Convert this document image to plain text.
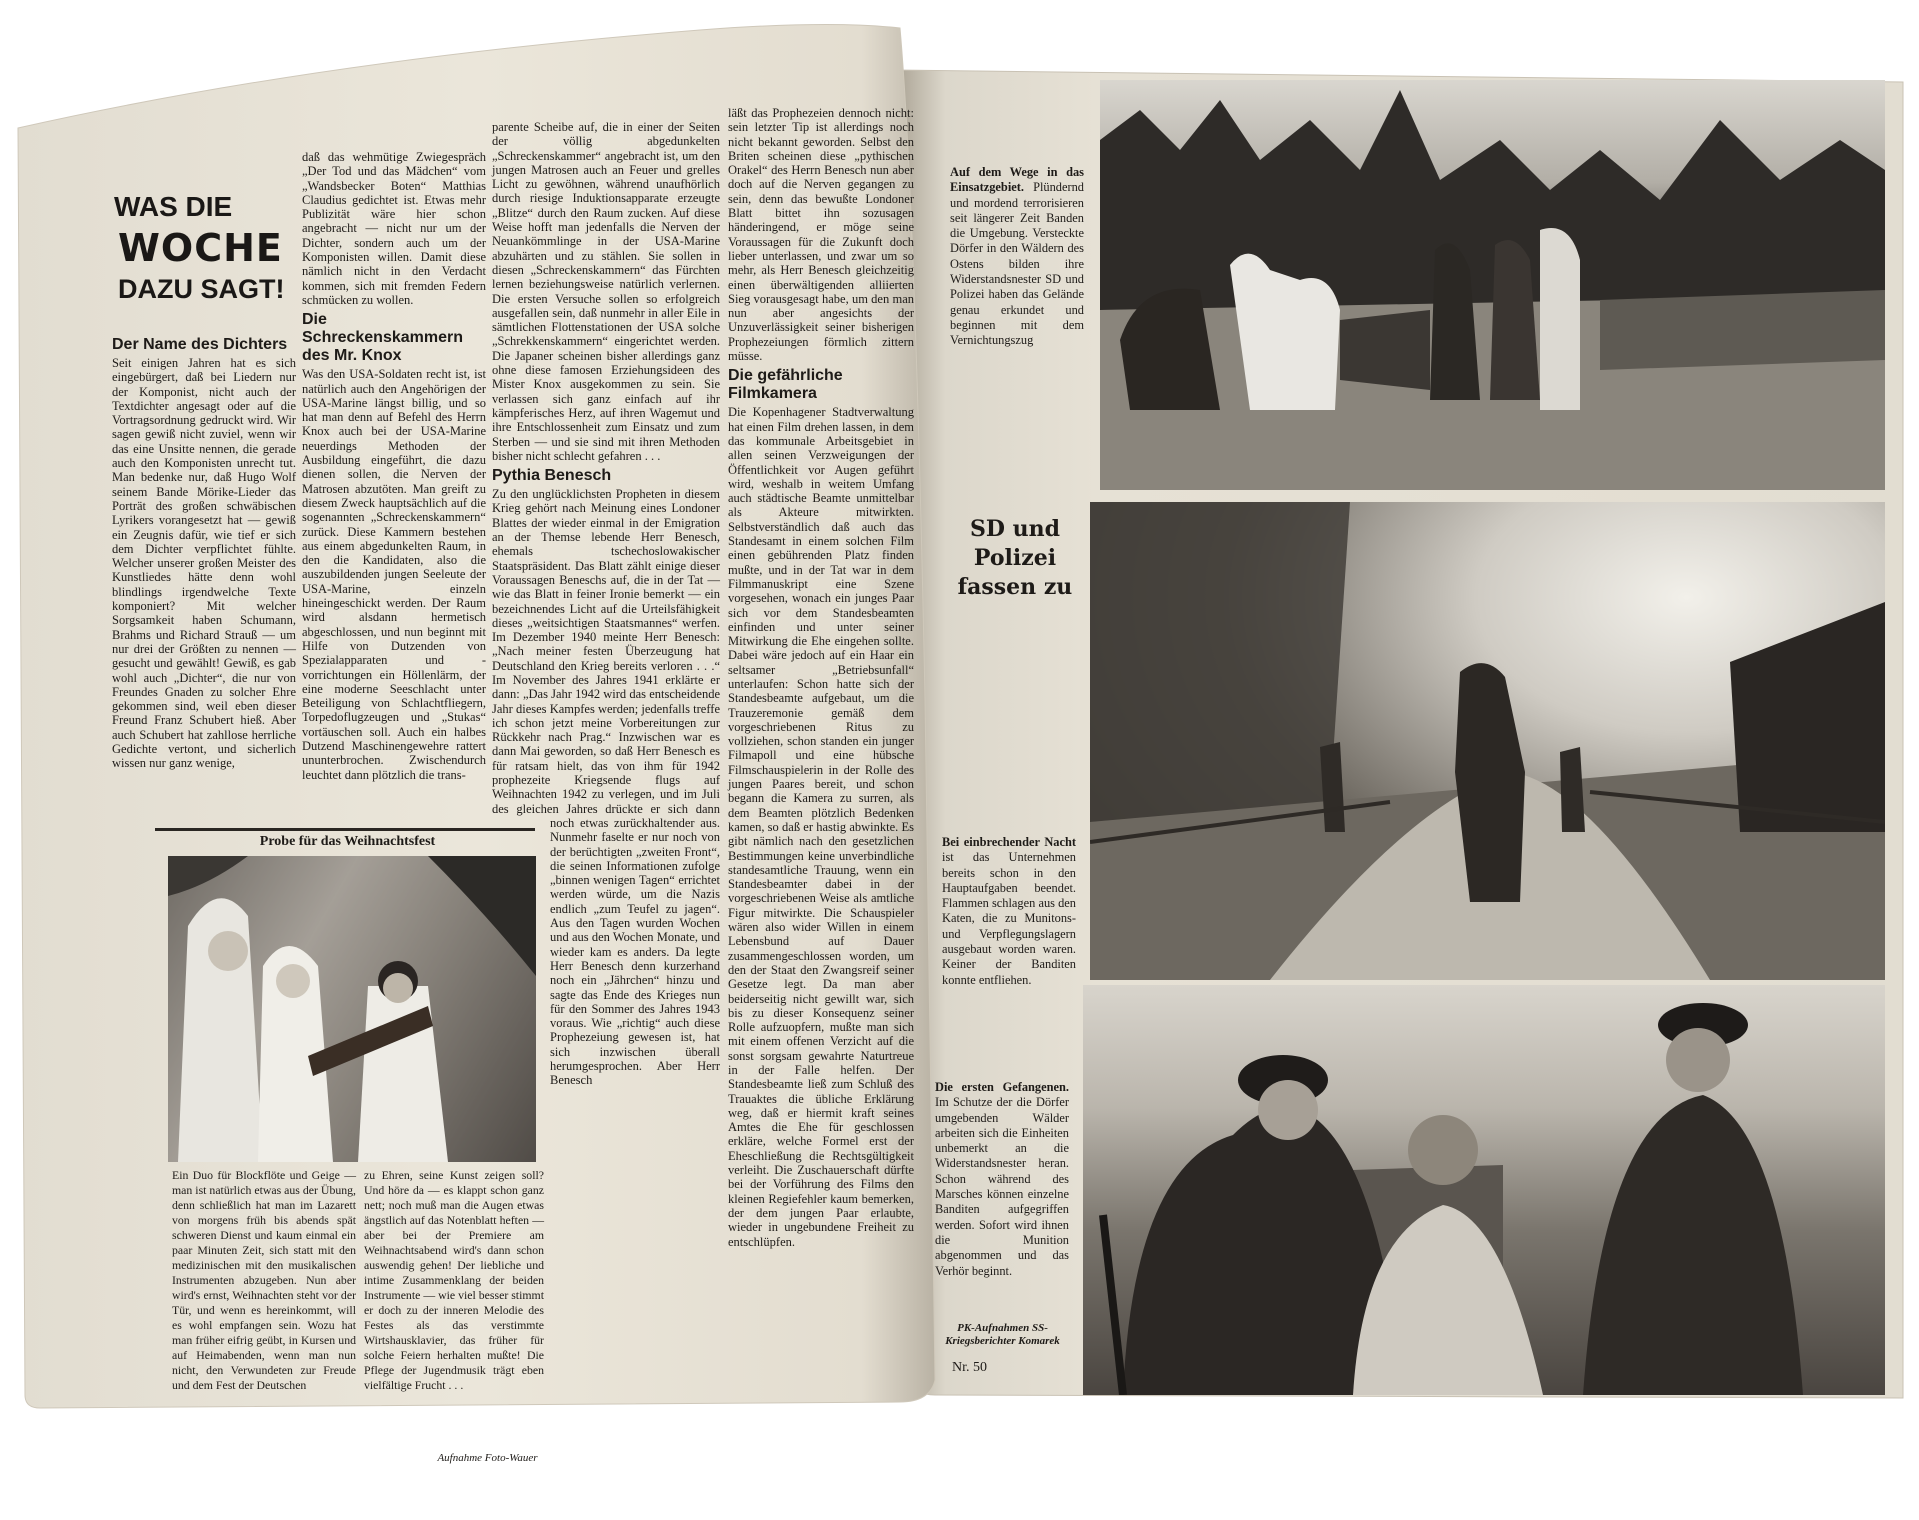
WAS DIE
WOCHE
DAZU SAGT!
Der Name des Dichters

Seit einigen Jahren hat es sich eingebürgert, daß bei Liedern nur der Komponist, nicht auch der Textdichter angesagt oder auf die Vortragsordnung gedruckt wird. Wir sagen gewiß nicht zuviel, wenn wir das eine Unsitte nennen, die gerade auch den Komponisten unrecht tut. Man bedenke nur, daß Hugo Wolf seinem Bande Mörike-Lieder das Porträt des großen schwäbischen Lyrikers vorangesetzt hat — gewiß ein Zeugnis dafür, wie tief er sich dem Dichter verpflichtet fühlte. Welcher unserer großen Meister des Kunstliedes hätte denn wohl blindlings irgendwelche Texte komponiert? Mit welcher Sorgsamkeit haben Schumann, Brahms und Richard Strauß — um nur drei der Größten zu nennen — gesucht und gewählt! Gewiß, es gab wohl auch „Dichter“, die nur von Freundes Gnaden zu solcher Ehre gekommen sind, weil eben dieser Freund Franz Schubert hieß. Aber auch Schubert hat zahllose herrliche Gedichte vertont, und sicherlich wissen nur ganz wenige,

daß das wehmütige Zwiegespräch „Der Tod und das Mädchen“ vom „Wandsbecker Boten“ Matthias Claudius gedichtet ist. Etwas mehr Publizität wäre hier schon angebracht — nicht nur um der Dichter, sondern auch um der Komponisten willen. Damit diese nämlich nicht in den Verdacht kommen, sich mit fremden Federn schmücken zu wollen.

Die Schreckenskammern des Mr. Knox

Was den USA-Soldaten recht ist, ist natürlich auch den Angehörigen der USA-Marine längst billig, und so hat man denn auf Befehl des Herrn Knox auch bei der USA-Marine neuerdings Methoden der Ausbildung eingeführt, die dazu dienen sollen, die Nerven der Matrosen abzutöten. Man greift zu diesem Zweck hauptsächlich auf die sogenannten „Schreckenskammern“ zurück. Diese Kammern bestehen aus einem abgedunkelten Raum, in den die Kandidaten, also die auszubildenden jungen Seeleute der USA-Marine, einzeln hineingeschickt werden. Der Raum wird alsdann hermetisch abgeschlossen, und nun beginnt mit Hilfe von Dutzenden von Spezialapparaten und -vorrichtungen ein Höllenlärm, der eine moderne Seeschlacht unter Beteiligung von Schlachtfliegern, Torpedoflugzeugen und „Stukas“ vortäuschen soll. Auch ein halbes Dutzend Maschinengewehre rattert ununterbrochen. Zwischendurch leuchtet dann plötzlich die trans-

parente Scheibe auf, die in einer der Seiten der völlig abgedunkelten „Schreckenskammer“ angebracht ist, um den jungen Matrosen auch an Feuer und grelles Licht zu gewöhnen, während unaufhörlich durch riesige Induktionsapparate erzeugte „Blitze“ durch den Raum zucken. Auf diese Weise hofft man jedenfalls die Nerven der Neuankömmlinge in der USA-Marine abzuhärten und zu stählen. Sie sollen in diesen „Schreckenskammern“ das Fürchten lernen beziehungsweise natürlich verlernen. Die ersten Versuche sollen so erfolgreich ausgefallen sein, daß nunmehr in aller Eile in sämtlichen Flottenstationen der USA solche „Schrekkenskammern“ eingerichtet werden. Die Japaner scheinen bisher allerdings ganz ohne diese famosen Erziehungsideen des Mister Knox ausgekommen zu sein. Sie verlassen sich ganz einfach auf ihr kämpferisches Herz, auf ihren Wagemut und ihre Entschlossenheit zum Einsatz und zum Sterben — und sie sind mit ihren Methoden bisher nicht schlecht gefahren . . .

Pythia Benesch

Zu den unglücklichsten Propheten in diesem Krieg gehört nach Meinung eines Londoner Blattes der wieder einmal in der Emigration an der Themse lebende Herr Benesch, ehemals tschechoslowakischer Staatspräsident. Das Blatt zählt einige dieser Voraussagen Beneschs auf, die in der Tat — wie das Blatt in feiner Ironie bemerkt — ein bezeichnendes Licht auf die Urteilsfähigkeit dieses „weitsichtigen Staatsmannes“ werfen. Im Dezember 1940 meinte Herr Benesch: „Nach meiner festen Überzeugung hat Deutschland den Krieg bereits verloren . . .“ Im November des Jahres 1941 erklärte er dann: „Das Jahr 1942 wird das entscheidende Jahr dieses Kampfes werden; jedenfalls treffe ich schon jetzt meine Vorbereitungen zur Rückkehr nach Prag.“ Inzwischen war es dann Mai geworden, so daß Herr Benesch es für ratsam hielt, das von ihm für 1942 prophezeite Kriegsende flugs auf Weihnachten 1942 zu verlegen, und im Juli des gleichen Jahres drückte er sich dann noch etwas zurückhaltender aus. Nunmehr faselte er nur noch von der berüchtigten „zweiten Front“, die seinen Informationen zufolge „binnen wenigen Tagen“ errichtet werden würde, um die Nazis endlich „zum Teufel zu jagen“. Aus den Tagen wurden Wochen und aus den Wochen Monate, und wieder kam es anders. Da legte Herr Benesch denn kurzerhand noch ein „Jährchen“ hinzu und sagte das Ende des Krieges nun für den Sommer des Jahres 1943 voraus. Wie „richtig“ auch diese Prophezeiung gewesen ist, hat sich inzwischen überall herumgesprochen. Aber Herr Benesch

läßt das Prophezeien dennoch nicht: sein letzter Tip ist allerdings noch nicht bekannt geworden. Selbst den Briten scheinen diese „pythischen Orakel“ des Herrn Benesch nun aber doch auf die Nerven gegangen zu sein, denn das bewußte Londoner Blatt bittet ihn sozusagen händeringend, er möge seine Voraussagen für die Zukunft doch lieber unterlassen, und zwar um so mehr, als Herr Benesch gleichzeitig einen überwältigenden alliierten Sieg vorausgesagt habe, um den man nun aber angesichts der Unzuverlässigkeit seiner bisherigen Prophezeiungen förmlich zittern müsse.

Die gefährliche Filmkamera

Die Kopenhagener Stadtverwaltung hat einen Film drehen lassen, in dem das kommunale Arbeitsgebiet in allen seinen Verzweigungen der Öffentlichkeit vor Augen geführt wird, weshalb in weitem Umfang auch städtische Beamte unmittelbar als Akteure mitwirkten. Selbstverständlich daß auch das Standesamt in einem solchen Film einen gebührenden Platz finden mußte, und in der Tat war in dem Filmmanuskript eine Szene vorgesehen, wonach ein junges Paar sich vor dem Standesbeamten einfinden und unter seiner Mitwirkung die Ehe eingehen sollte. Dabei wäre jedoch auf ein Haar ein seltsamer „Betriebsunfall“ unterlaufen: Schon hatte sich der Standesbeamte aufgebaut, um die Trauzeremonie gemäß dem vorgeschriebenen Ritus zu vollziehen, schon standen ein junger Filmapoll und eine hübsche Filmschauspielerin in der Rolle des jungen Paares bereit, und schon begann die Kamera zu surren, als dem Beamten plötzlich Bedenken kamen, so daß er hastig abwinkte. Es gibt nämlich nach den gesetzlichen Bestimmungen keine unverbindliche standesamtliche Trauung, wenn ein Standesbeamter dabei in der vorgeschriebenen Weise als amtliche Figur mitwirkte. Die Schauspieler wären also wider Willen in einem Lebensbund auf Dauer zusammengeschlossen worden, um den der Staat den Zwangsreif seiner Gesetze legt. Da man aber beiderseitig nicht gewillt war, sich bis zu dieser Konsequenz seiner Rolle aufzuopfern, mußte man sich mit einem offenen Verzicht auf die sonst sorgsam gewahrte Naturtreue in der Falle helfen. Der Standesbeamte ließ zum Schluß des Trauaktes die übliche Erklärung weg, daß er hiermit kraft seines Amtes die Ehe für geschlossen erkläre, welche Formel erst der Eheschließung die Rechtsgültigkeit verleiht. Die Zuschauerschaft dürfte bei der Vorführung des Films den kleinen Regiefehler kaum bemerken, der dem jungen Paar erlaubte, wieder in ungebundene Freiheit zu entschlüpfen.

Probe für das Weihnachtsfest
Ein Duo für Blockflöte und Geige — man ist natürlich etwas aus der Übung, denn schließlich hat man im Lazarett von morgens früh bis abends spät schweren Dienst und kaum einmal ein paar Minuten Zeit, sich statt mit den medizinischen mit den musikalischen Instrumenten abzugeben. Nun aber wird's ernst, Weihnachten steht vor der Tür, und wenn es hereinkommt, will es wohl empfangen sein. Wozu hat man früher eifrig geübt, in Kursen und auf Heimabenden, wenn man nun nicht, den Verwundeten zur Freude und dem Fest der Deutschen
zu Ehren, seine Kunst zeigen soll? Und höre da — es klappt schon ganz nett; noch muß man die Augen etwas ängstlich auf das Notenblatt heften — aber bei der Premiere am Weihnachtsabend wird's dann schon auswendig gehen! Der liebliche und intime Zusammenklang der beiden Instrumente — wie viel besser stimmt er doch zu der inneren Melodie des Festes als das verstimmte Wirtshausklavier, das früher für solche Feiern herhalten mußte! Die Pflege der Jugendmusik trägt eben vielfältige Frucht . . .
Aufnahme Foto-Wauer
Auf dem Wege in das Einsatzgebiet. Plündernd und mordend terrorisieren seit längerer Zeit Banden die Umgebung. Versteckte Dörfer in den Wäldern des Ostens bilden ihre Widerstandsnester SD und Polizei haben das Gelände genau erkundet und beginnen mit dem Vernichtungszug
SD und
Polizei
fassen zu
Bei einbrechender Nacht ist das Unternehmen bereits schon in den Hauptaufgaben beendet. Flammen schlagen aus den Katen, die zu Munitons- und Verpflegungslagern ausgebaut worden waren. Keiner der Banditen konnte entfliehen.
Die ersten Gefangenen. Im Schutze der die Dörfer umgebenden Wälder arbeiten sich die Einheiten unbemerkt an die Widerstandsnester heran. Schon während des Marsches können einzelne Banditen aufgegriffen werden. Sofort wird ihnen die Munition abgenommen und das Verhör beginnt.
PK-Aufnahmen SS-Kriegsberichter Komarek
Nr. 50
